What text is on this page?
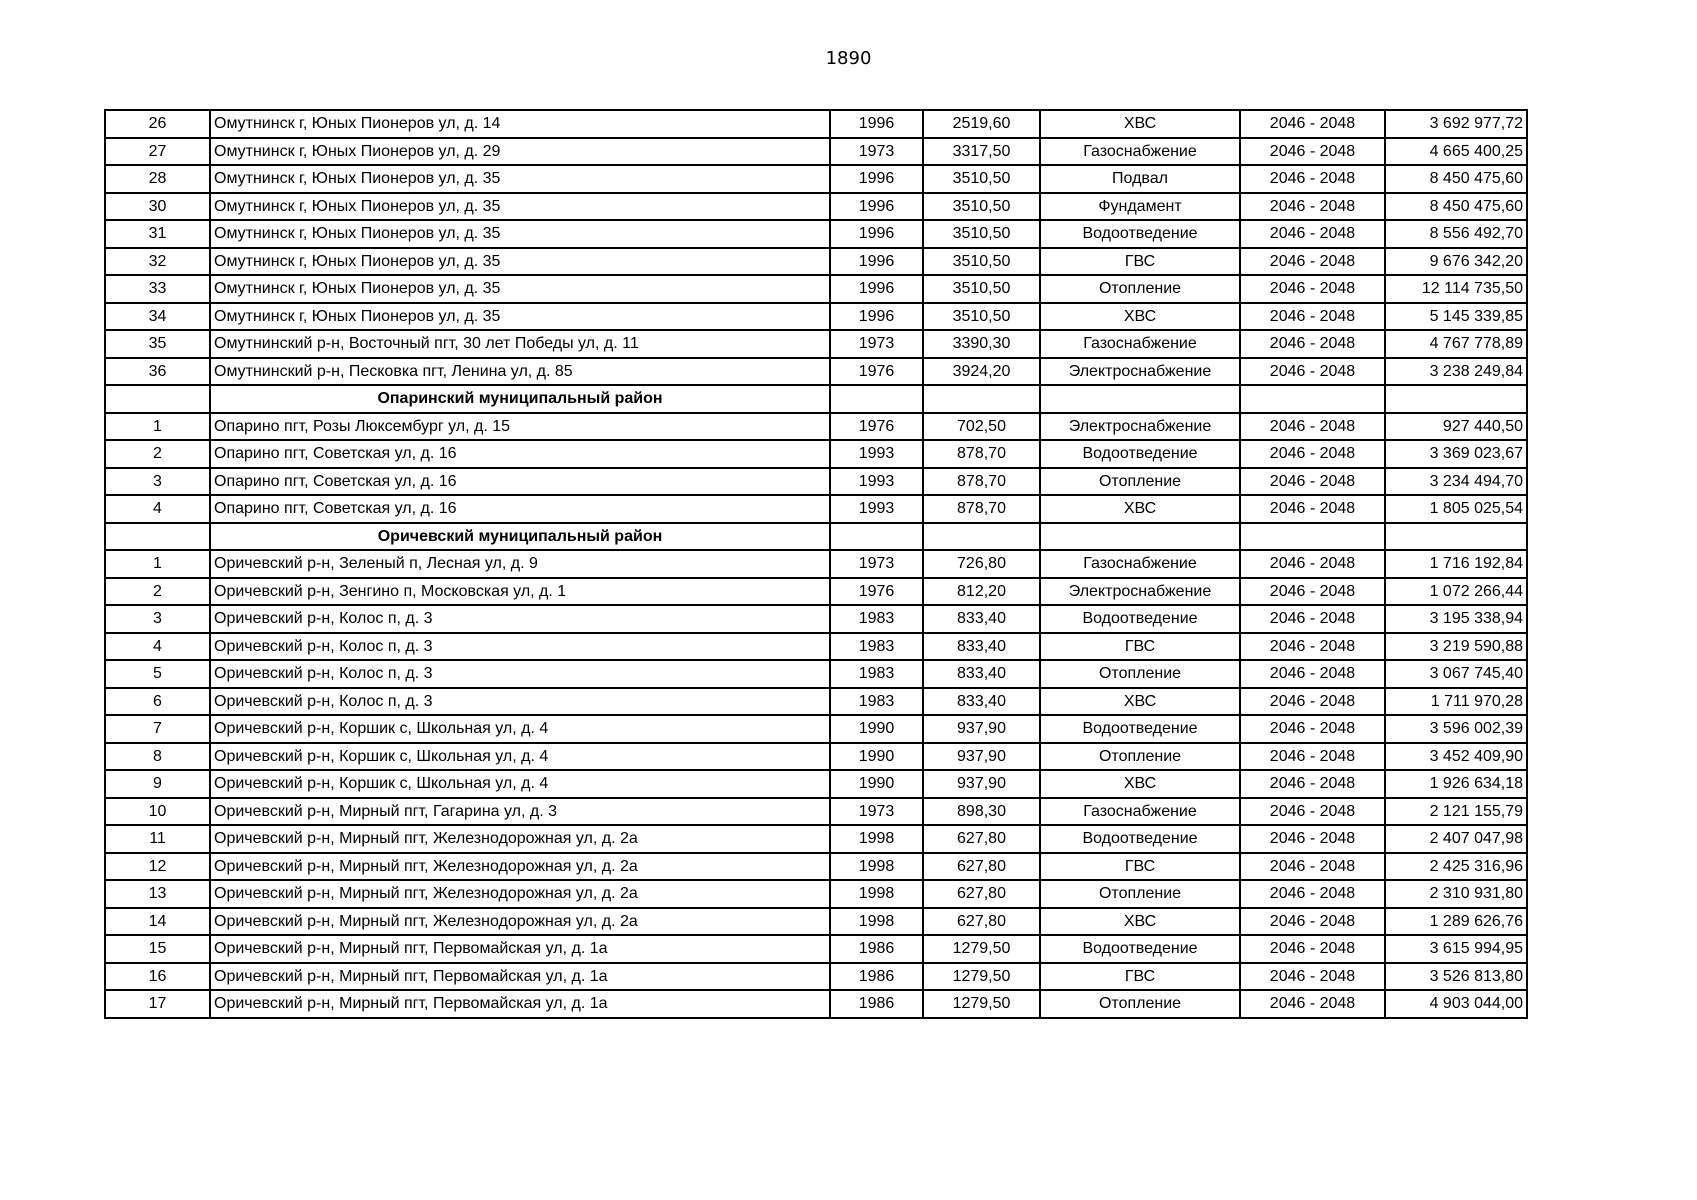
1890
26	Омутнинск г, Юных Пионеров ул, д. 14	1996	2519,60	ХВС	2046 - 2048	3 692 977,72
27	Омутнинск г, Юных Пионеров ул, д. 29	1973	3317,50	Газоснабжение	2046 - 2048	4 665 400,25
28	Омутнинск г, Юных Пионеров ул, д. 35	1996	3510,50	Подвал	2046 - 2048	8 450 475,60
30	Омутнинск г, Юных Пионеров ул, д. 35	1996	3510,50	Фундамент	2046 - 2048	8 450 475,60
31	Омутнинск г, Юных Пионеров ул, д. 35	1996	3510,50	Водоотведение	2046 - 2048	8 556 492,70
32	Омутнинск г, Юных Пионеров ул, д. 35	1996	3510,50	ГВС	2046 - 2048	9 676 342,20
33	Омутнинск г, Юных Пионеров ул, д. 35	1996	3510,50	Отопление	2046 - 2048	12 114 735,50
34	Омутнинск г, Юных Пионеров ул, д. 35	1996	3510,50	ХВС	2046 - 2048	5 145 339,85
35	Омутнинский р-н, Восточный пгт, 30 лет Победы ул, д. 11	1973	3390,30	Газоснабжение	2046 - 2048	4 767 778,89
36	Омутнинский р-н, Песковка пгт, Ленина ул, д. 85	1976	3924,20	Электроснабжение	2046 - 2048	3 238 249,84
	Опаринский муниципальный район					
1	Опарино пгт, Розы Люксембург ул, д. 15	1976	702,50	Электроснабжение	2046 - 2048	927 440,50
2	Опарино пгт, Советская ул, д. 16	1993	878,70	Водоотведение	2046 - 2048	3 369 023,67
3	Опарино пгт, Советская ул, д. 16	1993	878,70	Отопление	2046 - 2048	3 234 494,70
4	Опарино пгт, Советская ул, д. 16	1993	878,70	ХВС	2046 - 2048	1 805 025,54
	Оричевский муниципальный район					
1	Оричевский р-н, Зеленый п, Лесная ул, д. 9	1973	726,80	Газоснабжение	2046 - 2048	1 716 192,84
2	Оричевский р-н, Зенгино п, Московская ул, д. 1	1976	812,20	Электроснабжение	2046 - 2048	1 072 266,44
3	Оричевский р-н, Колос п, д. 3	1983	833,40	Водоотведение	2046 - 2048	3 195 338,94
4	Оричевский р-н, Колос п, д. 3	1983	833,40	ГВС	2046 - 2048	3 219 590,88
5	Оричевский р-н, Колос п, д. 3	1983	833,40	Отопление	2046 - 2048	3 067 745,40
6	Оричевский р-н, Колос п, д. 3	1983	833,40	ХВС	2046 - 2048	1 711 970,28
7	Оричевский р-н, Коршик с, Школьная ул, д. 4	1990	937,90	Водоотведение	2046 - 2048	3 596 002,39
8	Оричевский р-н, Коршик с, Школьная ул, д. 4	1990	937,90	Отопление	2046 - 2048	3 452 409,90
9	Оричевский р-н, Коршик с, Школьная ул, д. 4	1990	937,90	ХВС	2046 - 2048	1 926 634,18
10	Оричевский р-н, Мирный пгт, Гагарина ул, д. 3	1973	898,30	Газоснабжение	2046 - 2048	2 121 155,79
11	Оричевский р-н, Мирный пгт, Железнодорожная ул, д. 2а	1998	627,80	Водоотведение	2046 - 2048	2 407 047,98
12	Оричевский р-н, Мирный пгт, Железнодорожная ул, д. 2а	1998	627,80	ГВС	2046 - 2048	2 425 316,96
13	Оричевский р-н, Мирный пгт, Железнодорожная ул, д. 2а	1998	627,80	Отопление	2046 - 2048	2 310 931,80
14	Оричевский р-н, Мирный пгт, Железнодорожная ул, д. 2а	1998	627,80	ХВС	2046 - 2048	1 289 626,76
15	Оричевский р-н, Мирный пгт, Первомайская ул, д. 1а	1986	1279,50	Водоотведение	2046 - 2048	3 615 994,95
16	Оричевский р-н, Мирный пгт, Первомайская ул, д. 1а	1986	1279,50	ГВС	2046 - 2048	3 526 813,80
17	Оричевский р-н, Мирный пгт, Первомайская ул, д. 1а	1986	1279,50	Отопление	2046 - 2048	4 903 044,00
